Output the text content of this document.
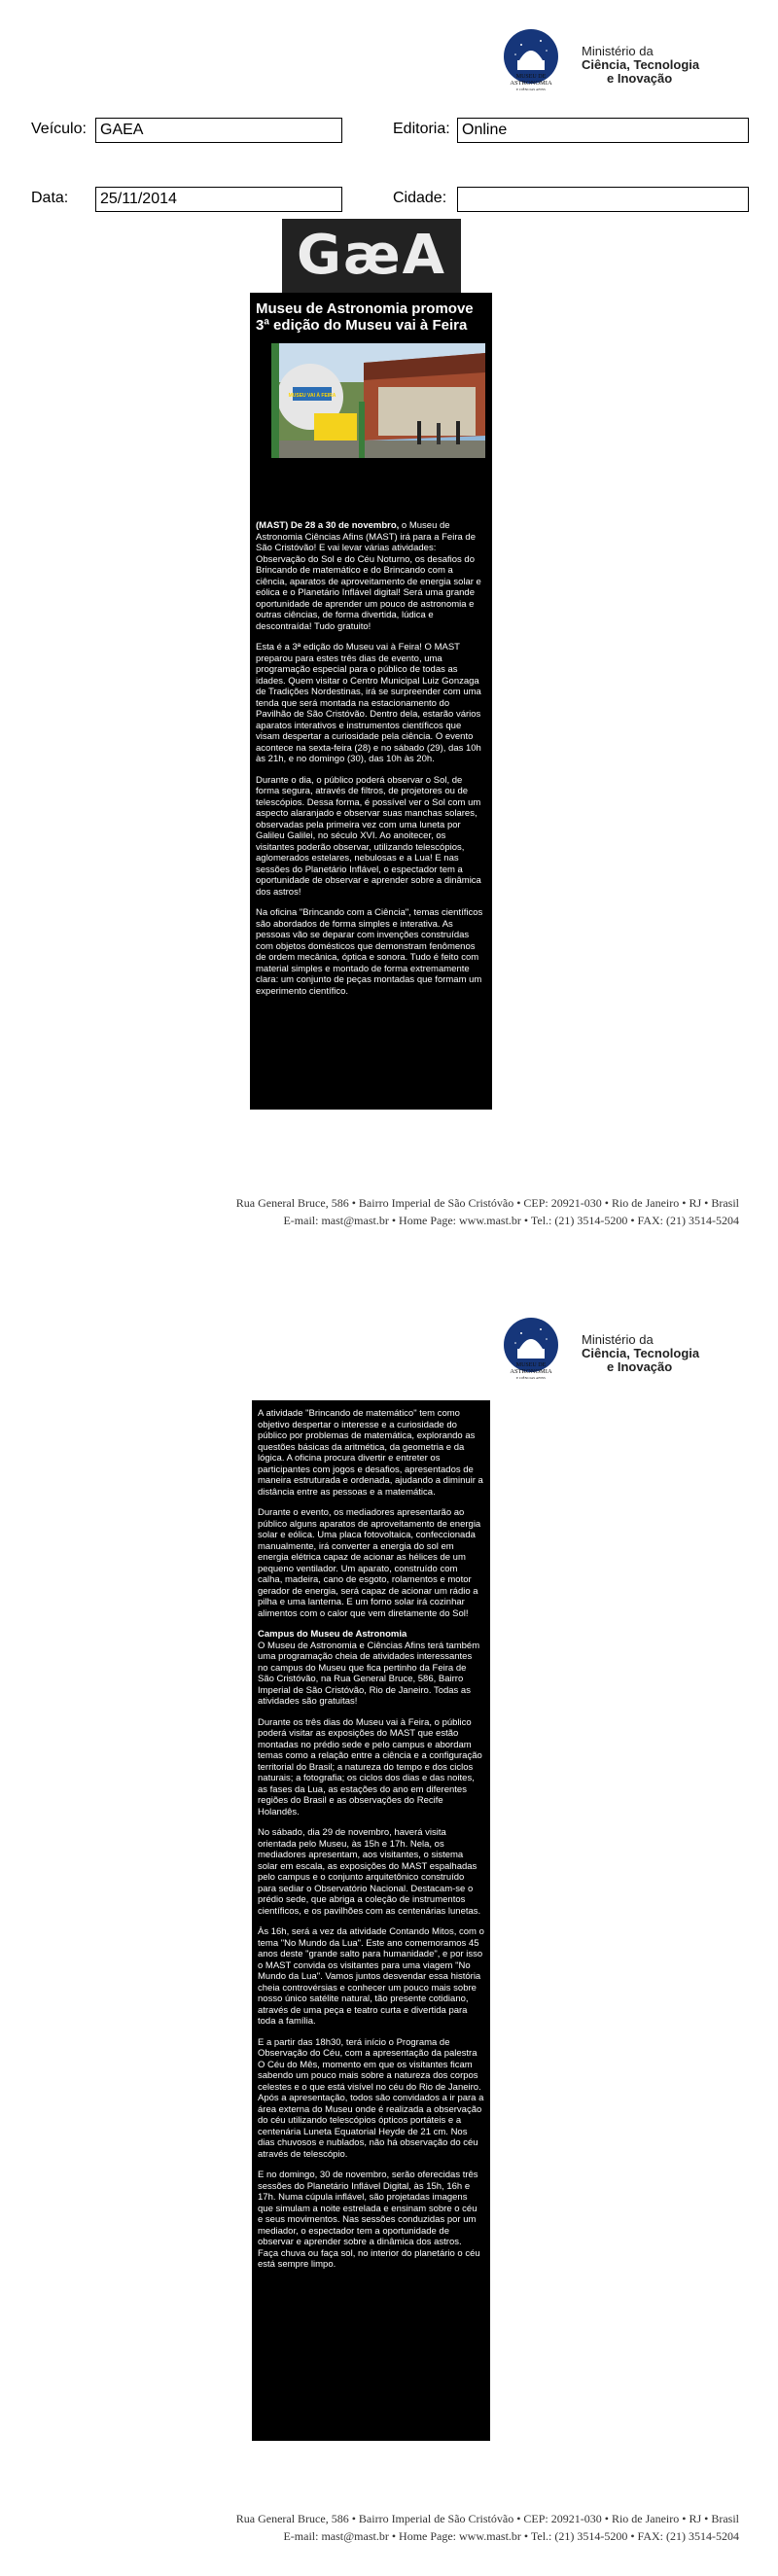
MUSEU DE
ASTRONOMIA
E CIÊNCIAS AFINS
Ministério da
Ciência, Tecnologia
e Inovação
Veículo: GAEA	Editoria: Online
Data:	25/11/2014	Cidade:
GæA
Museu de Astronomia promove 3ª edição do Museu vai à Feira
MUSEU VAI À FEIRA

(MAST) De 28 a 30 de novembro, o Museu de Astronomia Ciências Afins (MAST) irá para a Feira de São Cristóvão! E vai levar várias atividades: Observação do Sol e do Céu Noturno, os desafios do Brincando de matemático e do Brincando com a ciência, aparatos de aproveitamento de energia solar e eólica e o Planetário Inflável digital! Será uma grande oportunidade de aprender um pouco de astronomia e outras ciências, de forma divertida, lúdica e descontraída! Tudo gratuito!

Esta é a 3ª edição do Museu vai à Feira! O MAST preparou para estes três dias de evento, uma programação especial para o público de todas as idades. Quem visitar o Centro Municipal Luiz Gonzaga de Tradições Nordestinas, irá se surpreender com uma tenda que será montada na estacionamento do Pavilhão de São Cristóvão. Dentro dela, estarão vários aparatos interativos e instrumentos científicos que visam despertar a curiosidade pela ciência. O evento acontece na sexta-feira (28) e no sábado (29), das 10h às 21h, e no domingo (30), das 10h às 20h.

Durante o dia, o público poderá observar o Sol, de forma segura, através de filtros, de projetores ou de telescópios. Dessa forma, é possível ver o Sol com um aspecto alaranjado e observar suas manchas solares, observadas pela primeira vez com uma luneta por Galileu Galilei, no século XVI. Ao anoitecer, os visitantes poderão observar, utilizando telescópios, aglomerados estelares, nebulosas e a Lua! E nas sessões do Planetário Inflável, o espectador tem a oportunidade de observar e aprender sobre a dinâmica dos astros!

Na oficina "Brincando com a Ciência", temas científicos são abordados de forma simples e interativa. As pessoas vão se deparar com invenções construídas com objetos domésticos que demonstram fenômenos de ordem mecânica, óptica e sonora. Tudo é feito com material simples e montado de forma extremamente clara: um conjunto de peças montadas que formam um experimento científico.

Rua General Bruce, 586 • Bairro Imperial de São Cristóvão • CEP: 20921-030 • Rio de Janeiro • RJ • Brasil
E-mail: mast@mast.br • Home Page: www.mast.br • Tel.: (21) 3514-5200 • FAX: (21) 3514-5204
MUSEU DE
ASTRONOMIA
E CIÊNCIAS AFINS
Ministério da
Ciência, Tecnologia
e Inovação
Rua General Bruce, 586 • Bairro Imperial de São Cristóvão • CEP: 20921-030 • Rio de Janeiro • RJ • Brasil
E-mail: mast@mast.br • Home Page: www.mast.br • Tel.: (21) 3514-5200 • FAX: (21) 3514-5204

A atividade "Brincando de matemático" tem como objetivo despertar o interesse e a curiosidade do público por problemas de matemática, explorando as questões básicas da aritmética, da geometria e da lógica. A oficina procura divertir e entreter os participantes com jogos e desafios, apresentados de maneira estruturada e ordenada, ajudando a diminuir a distância entre as pessoas e a matemática.

Durante o evento, os mediadores apresentarão ao público alguns aparatos de aproveitamento de energia solar e eólica. Uma placa fotovoltaica, confeccionada manualmente, irá converter a energia do sol em energia elétrica capaz de acionar as hélices de um pequeno ventilador. Um aparato, construído com calha, madeira, cano de esgoto, rolamentos e motor gerador de energia, será capaz de acionar um rádio a pilha e uma lanterna. E um forno solar irá cozinhar alimentos com o calor que vem diretamente do Sol!

Campus do Museu de Astronomia
O Museu de Astronomia e Ciências Afins terá também uma programação cheia de atividades interessantes no campus do Museu que fica pertinho da Feira de São Cristóvão, na Rua General Bruce, 586, Bairro Imperial de São Cristóvão, Rio de Janeiro. Todas as atividades são gratuitas!

Durante os três dias do Museu vai à Feira, o público poderá visitar as exposições do MAST que estão montadas no prédio sede e pelo campus e abordam temas como a relação entre a ciência e a configuração territorial do Brasil; a natureza do tempo e dos ciclos naturais; a fotografia; os ciclos dos dias e das noites, as fases da Lua, as estações do ano em diferentes regiões do Brasil e as observações do Recife Holandês.

No sábado, dia 29 de novembro, haverá visita orientada pelo Museu, às 15h e 17h. Nela, os mediadores apresentam, aos visitantes, o sistema solar em escala, as exposições do MAST espalhadas pelo campus e o conjunto arquitetônico construído para sediar o Observatório Nacional. Destacam-se o prédio sede, que abriga a coleção de instrumentos científicos, e os pavilhões com as centenárias lunetas.

Às 16h, será a vez da atividade Contando Mitos, com o tema "No Mundo da Lua". Este ano comemoramos 45 anos deste "grande salto para humanidade", e por isso o MAST convida os visitantes para uma viagem "No Mundo da Lua". Vamos juntos desvendar essa história cheia controvérsias e conhecer um pouco mais sobre nosso único satélite natural, tão presente cotidiano, através de uma peça e teatro curta e divertida para toda a família.

E a partir das 18h30, terá início o Programa de Observação do Céu, com a apresentação da palestra O Céu do Mês, momento em que os visitantes ficam sabendo um pouco mais sobre a natureza dos corpos celestes e o que está visível no céu do Rio de Janeiro. Após a apresentação, todos são convidados a ir para a área externa do Museu onde é realizada a observação do céu utilizando telescópios ópticos portáteis e a centenária Luneta Equatorial Heyde de 21 cm. Nos dias chuvosos e nublados, não há observação do céu através de telescópio.

E no domingo, 30 de novembro, serão oferecidas três sessões do Planetário Inflável Digital, às 15h, 16h e 17h. Numa cúpula inflável, são projetadas imagens que simulam a noite estrelada e ensinam sobre o céu e seus movimentos. Nas sessões conduzidas por um mediador, o espectador tem a oportunidade de observar e aprender sobre a dinâmica dos astros. Faça chuva ou faça sol, no interior do planetário o céu está sempre limpo.
